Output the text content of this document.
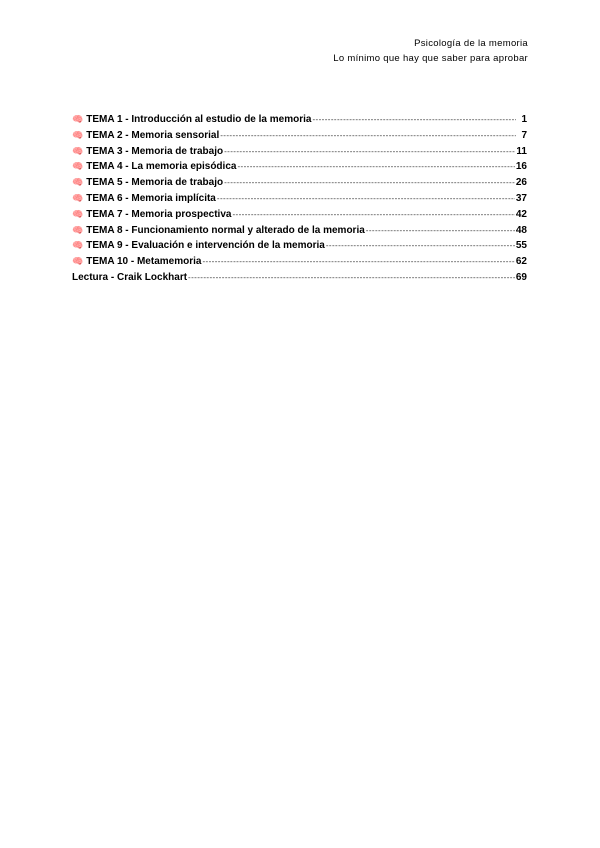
Psicología de la memoria
Lo mínimo que hay que saber para aprobar
🧠 TEMA 1 - Introducción al estudio de la memoria -----	1
🧠 TEMA 2 - Memoria sensorial -----	7
🧠 TEMA 3 - Memoria de trabajo -----	11
🧠 TEMA 4 - La memoria episódica -----	16
🧠 TEMA 5 - Memoria de trabajo -----	26
🧠 TEMA 6 - Memoria implícita -----	37
🧠 TEMA 7 - Memoria prospectiva -----	42
🧠 TEMA 8 - Funcionamiento normal y alterado de la memoria -----	48
🧠 TEMA 9 - Evaluación e intervención de la memoria -----	55
🧠 TEMA 10 - Metamemoria -----	62
Lectura - Craik Lockhart -----	69
